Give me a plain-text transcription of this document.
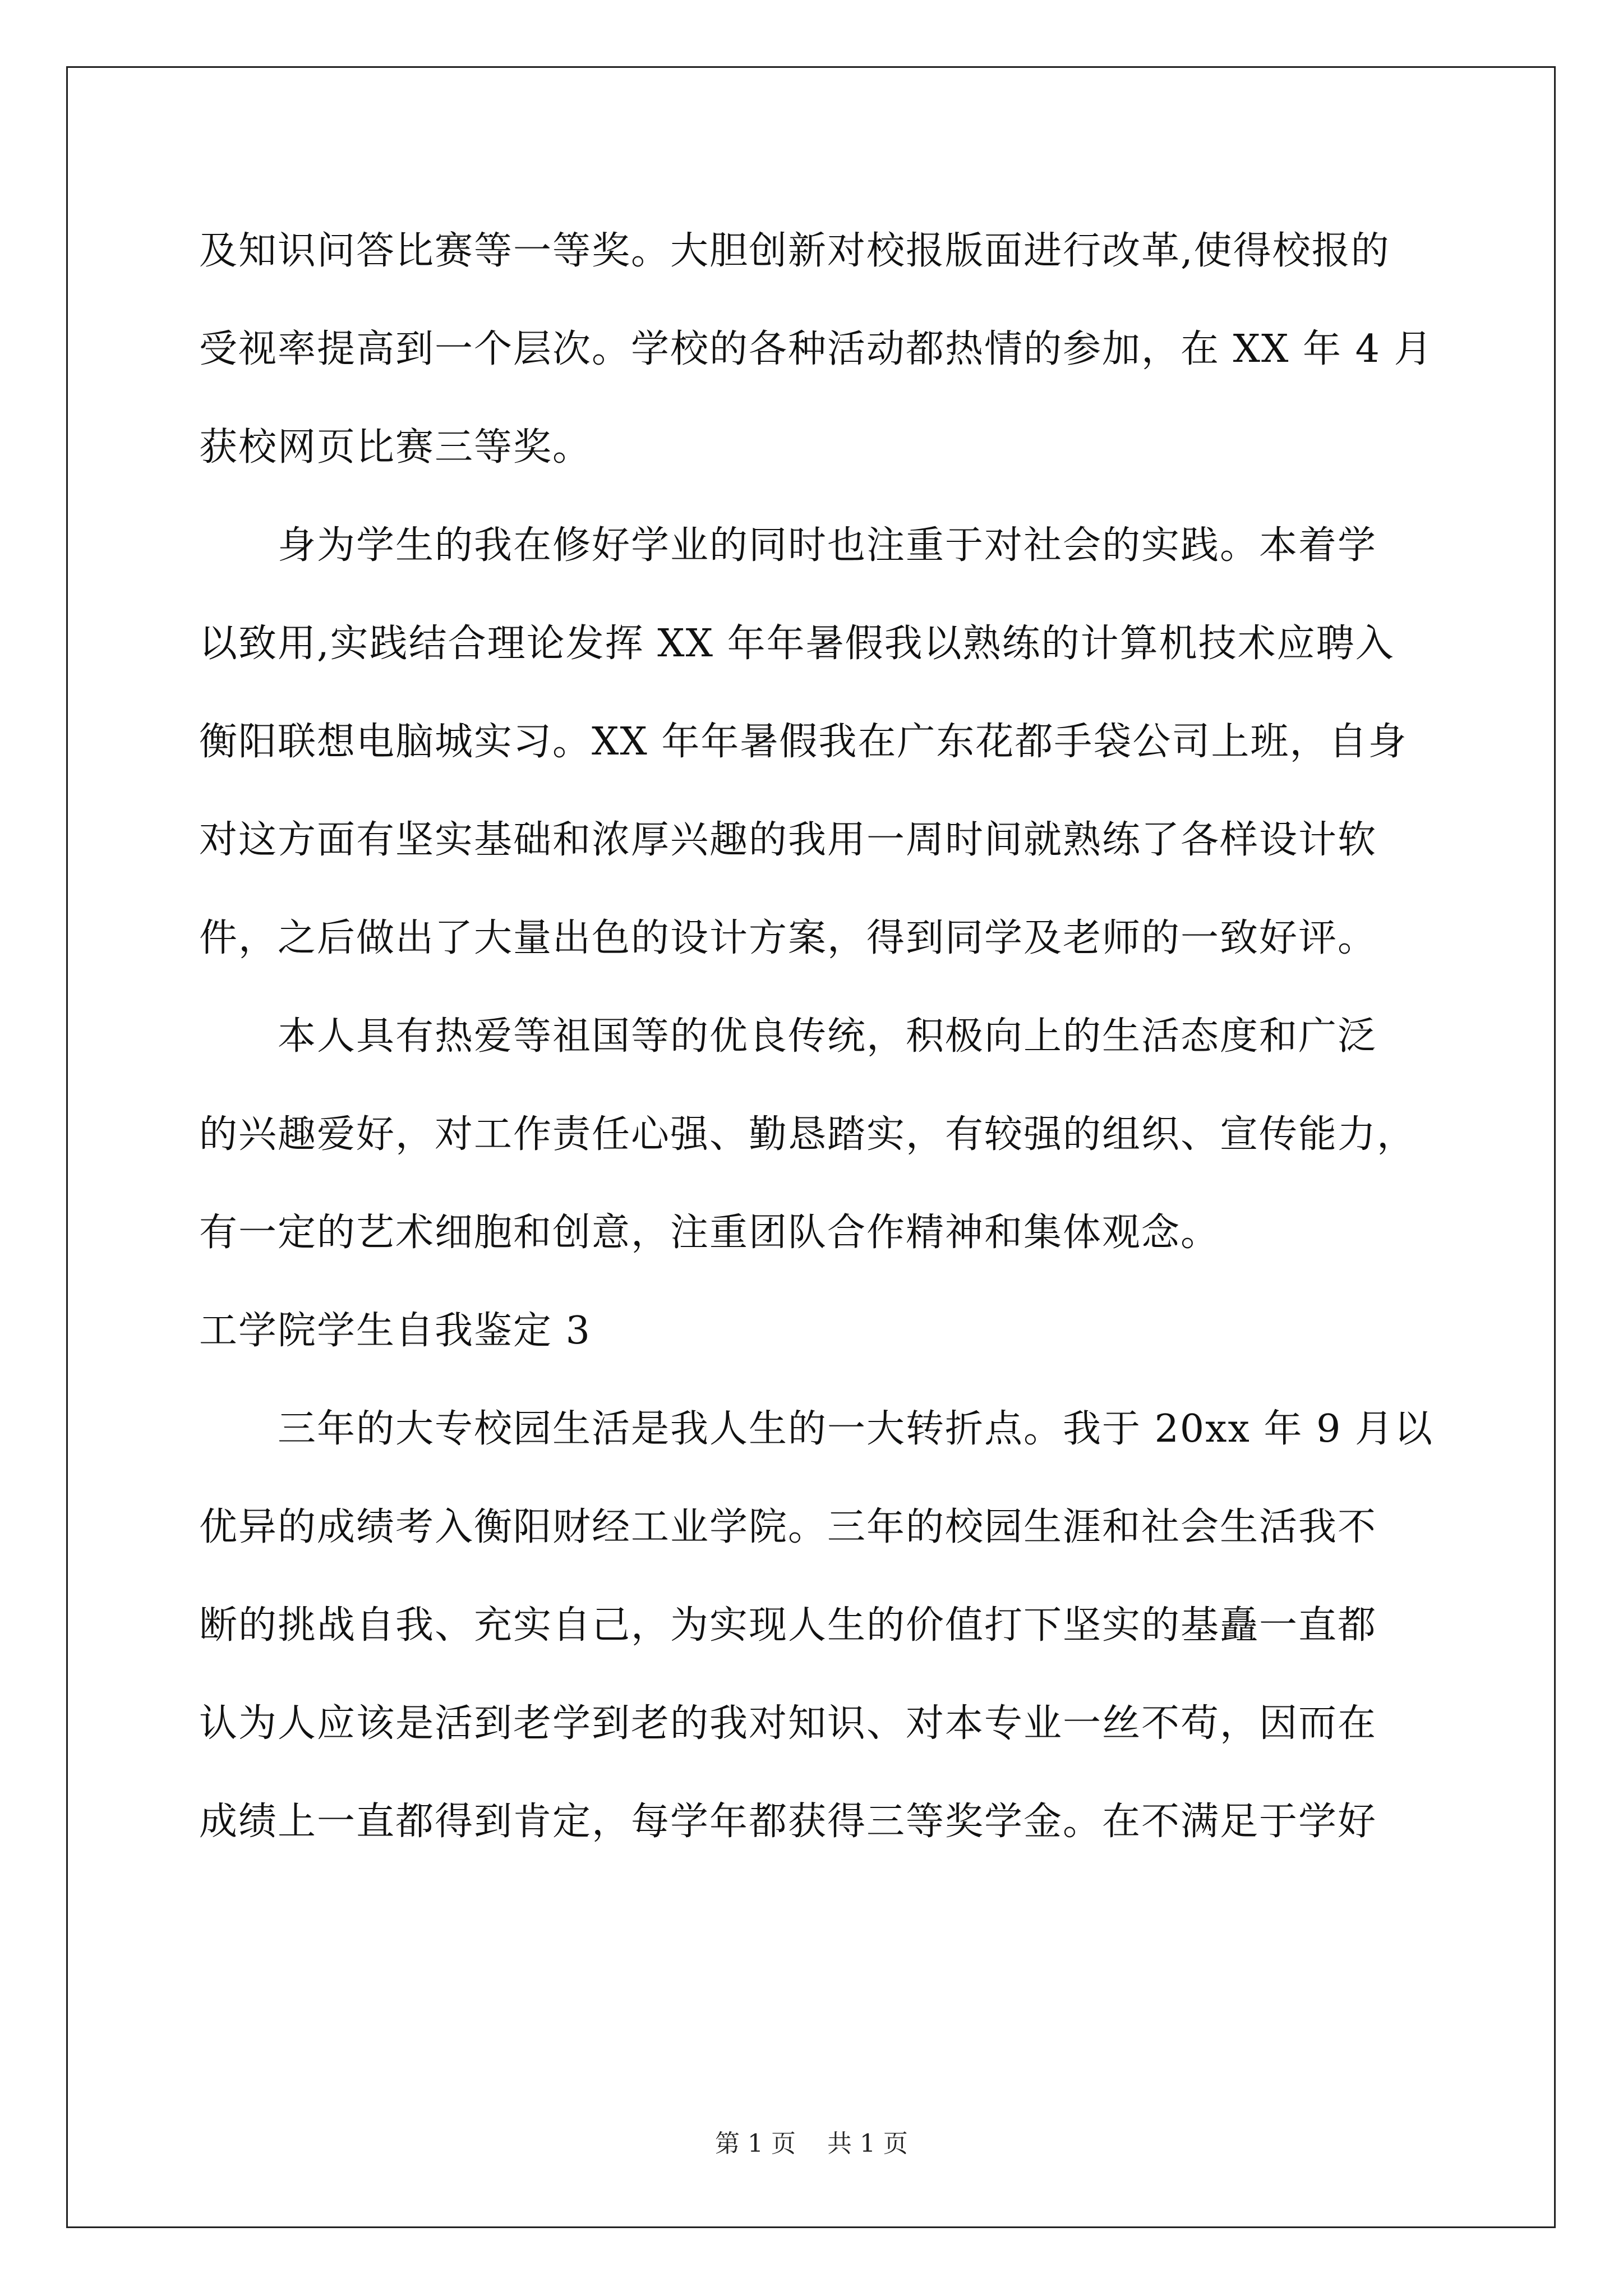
及知识问答比赛等一等奖。大胆创新对校报版面进行改革,使得校报的
受视率提高到一个层次。学校的各种活动都热情的参加，在 XX 年 4 月
获校网页比赛三等奖。
身为学生的我在修好学业的同时也注重于对社会的实践。本着学
以致用,实践结合理论发挥 XX 年年暑假我以熟练的计算机技术应聘入
衡阳联想电脑城实习。XX 年年暑假我在广东花都手袋公司上班，自身
对这方面有坚实基础和浓厚兴趣的我用一周时间就熟练了各样设计软
件，之后做出了大量出色的设计方案，得到同学及老师的一致好评。
本人具有热爱等祖国等的优良传统，积极向上的生活态度和广泛
的兴趣爱好，对工作责任心强、勤恳踏实，有较强的组织、宣传能力，
有一定的艺术细胞和创意，注重团队合作精神和集体观念。
工学院学生自我鉴定 3
三年的大专校园生活是我人生的一大转折点。我于 20xx 年 9 月以
优异的成绩考入衡阳财经工业学院。三年的校园生涯和社会生活我不
断的挑战自我、充实自己，为实现人生的价值打下坚实的基矗一直都
认为人应该是活到老学到老的我对知识、对本专业一丝不苟，因而在
成绩上一直都得到肯定，每学年都获得三等奖学金。在不满足于学好
第 1 页    共 1 页
